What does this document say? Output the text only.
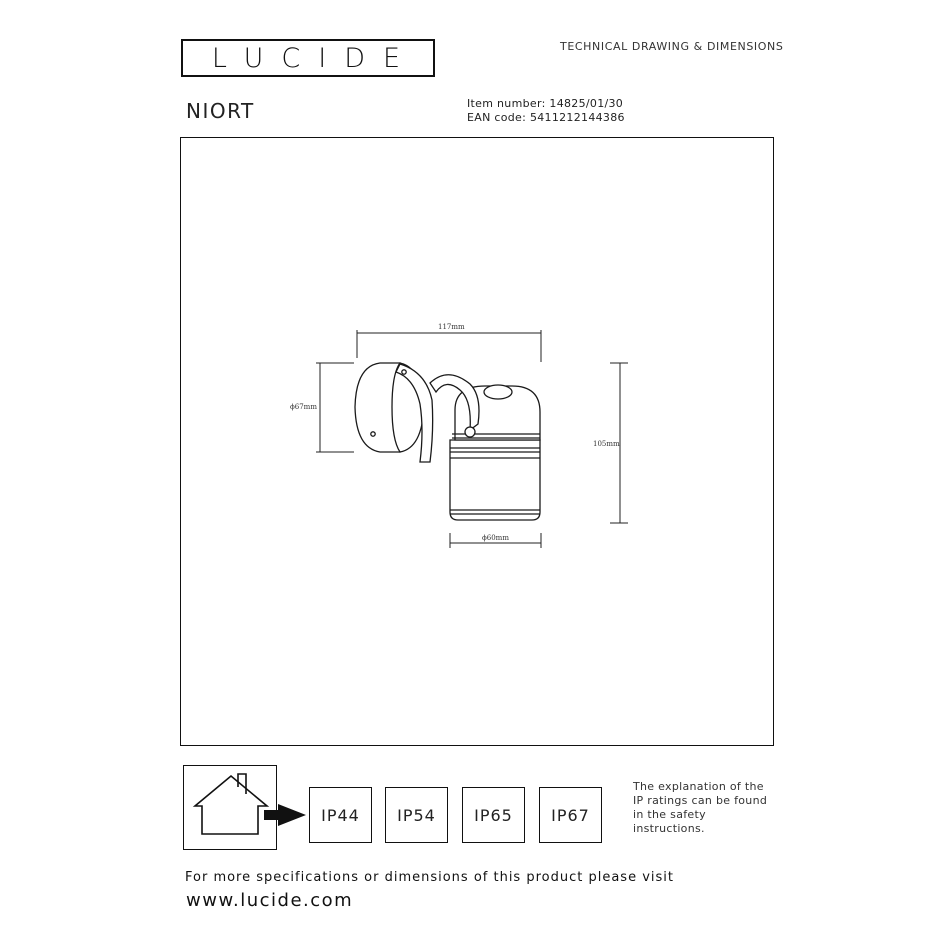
LUCIDE	TECHNICAL DRAWING & DIMENSIONS
NIORT	Item number: 14825/01/30
EAN code: 5411212144386
117mm
ϕ67mm
105mm
ϕ60mm
IP44	IP54	IP65	IP67
The explanation of the
IP ratings can be found
in the safety
instructions.
For more specifications or dimensions of this product please visit
www.lucide.com
